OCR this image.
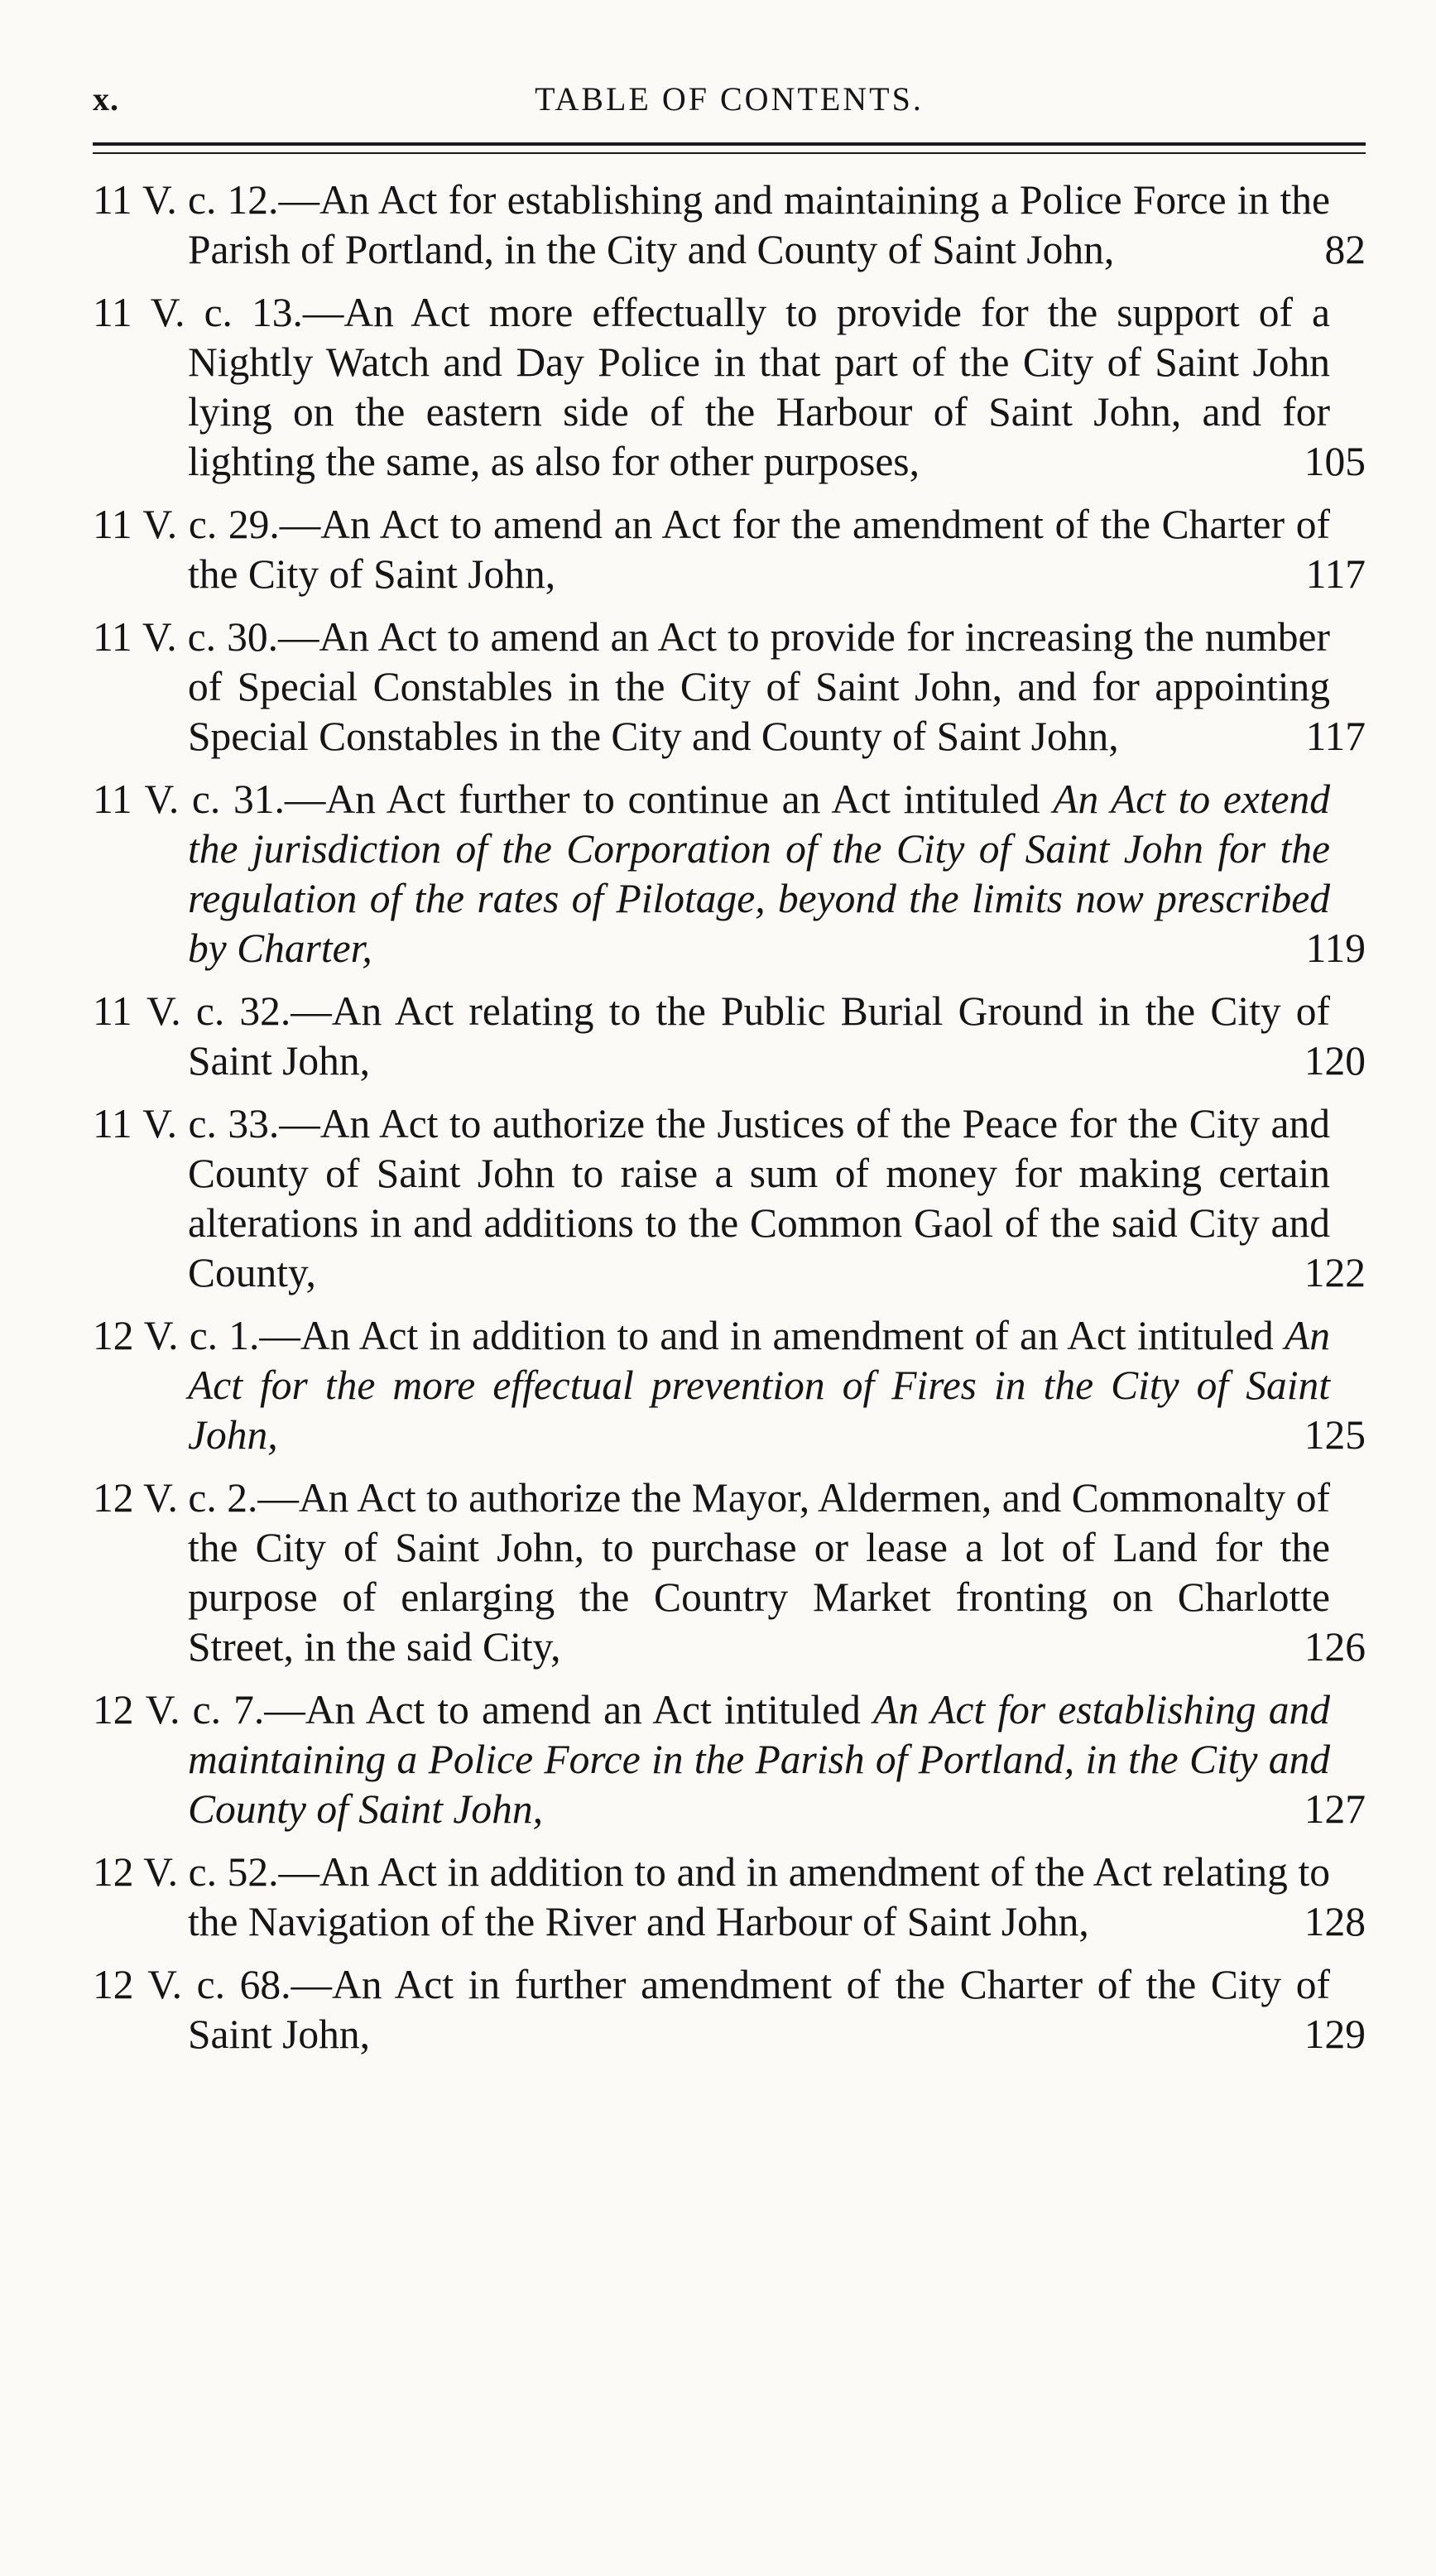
x.	TABLE OF CONTENTS.
11 V. c. 12.—An Act for establishing and maintaining a Police Force in the Parish of Portland, in the City and County of Saint John,	82
11 V. c. 13.—An Act more effectually to provide for the support of a Nightly Watch and Day Police in that part of the City of Saint John lying on the eastern side of the Harbour of Saint John, and for lighting the same, as also for other purposes,	105
11 V. c. 29.—An Act to amend an Act for the amendment of the Charter of the City of Saint John,	117
11 V. c. 30.—An Act to amend an Act to provide for increasing the number of Special Constables in the City of Saint John, and for appointing Special Constables in the City and County of Saint John,	117
11 V. c. 31.—An Act further to continue an Act intituled An Act to extend the jurisdiction of the Corporation of the City of Saint John for the regulation of the rates of Pilotage, beyond the limits now prescribed by Charter,	119
11 V. c. 32.—An Act relating to the Public Burial Ground in the City of Saint John,	120
11 V. c. 33.—An Act to authorize the Justices of the Peace for the City and County of Saint John to raise a sum of money for making certain alterations in and additions to the Common Gaol of the said City and County,	122
12 V. c. 1.—An Act in addition to and in amendment of an Act intituled An Act for the more effectual prevention of Fires in the City of Saint John,	125
12 V. c. 2.—An Act to authorize the Mayor, Aldermen, and Commonalty of the City of Saint John, to purchase or lease a lot of Land for the purpose of enlarging the Country Market fronting on Charlotte Street, in the said City,	126
12 V. c. 7.—An Act to amend an Act intituled An Act for establishing and maintaining a Police Force in the Parish of Portland, in the City and County of Saint John,	127
12 V. c. 52.—An Act in addition to and in amendment of the Act relating to the Navigation of the River and Harbour of Saint John,	128
12 V. c. 68.—An Act in further amendment of the Charter of the City of Saint John,	129
